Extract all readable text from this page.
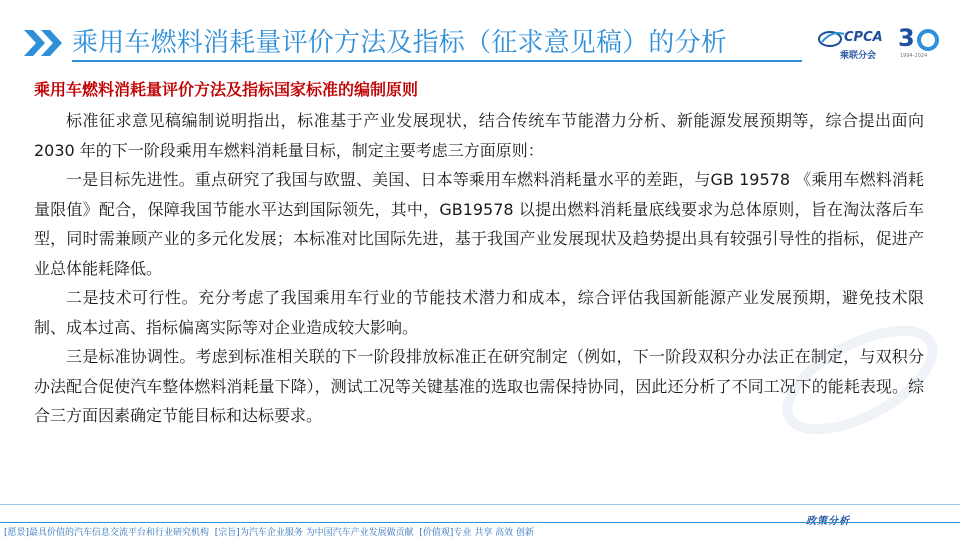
乘用车燃料消耗量评价方法及指标（征求意见稿）的分析	CPCA
乘联分会
3
1994-2024
乘用车燃料消耗量评价方法及指标国家标准的编制原则

标准征求意见稿编制说明指出，标准基于产业发展现状，结合传统车节能潜力分析、新能源发展预期等，综合提出面向2030 年的下一阶段乘用车燃料消耗量目标，制定主要考虑三方面原则：

一是目标先进性。重点研究了我国与欧盟、美国、日本等乘用车燃料消耗量水平的差距，与GB 19578 《乘用车燃料消耗量限值》配合，保障我国节能水平达到国际领先，其中，GB19578 以提出燃料消耗量底线要求为总体原则，旨在淘汰落后车型，同时需兼顾产业的多元化发展；本标准对比国际先进，基于我国产业发展现状及趋势提出具有较强引导性的指标，促进产业总体能耗降低。

二是技术可行性。充分考虑了我国乘用车行业的节能技术潜力和成本，综合评估我国新能源产业发展预期，避免技术限制、成本过高、指标偏离实际等对企业造成较大影响。

三是标准协调性。考虑到标准相关联的下一阶段排放标准正在研究制定（例如，下一阶段双积分办法正在制定，与双积分办法配合促使汽车整体燃料消耗量下降），测试工况等关键基准的选取也需保持协同，因此还分析了不同工况下的能耗表现。综合三方面因素确定节能目标和达标要求。

[愿景]最具价值的汽车信息交流平台和行业研究机构 [宗旨]为汽车企业服务 为中国汽车产业发展做贡献 [价值观]专业 共享 高效 创新
